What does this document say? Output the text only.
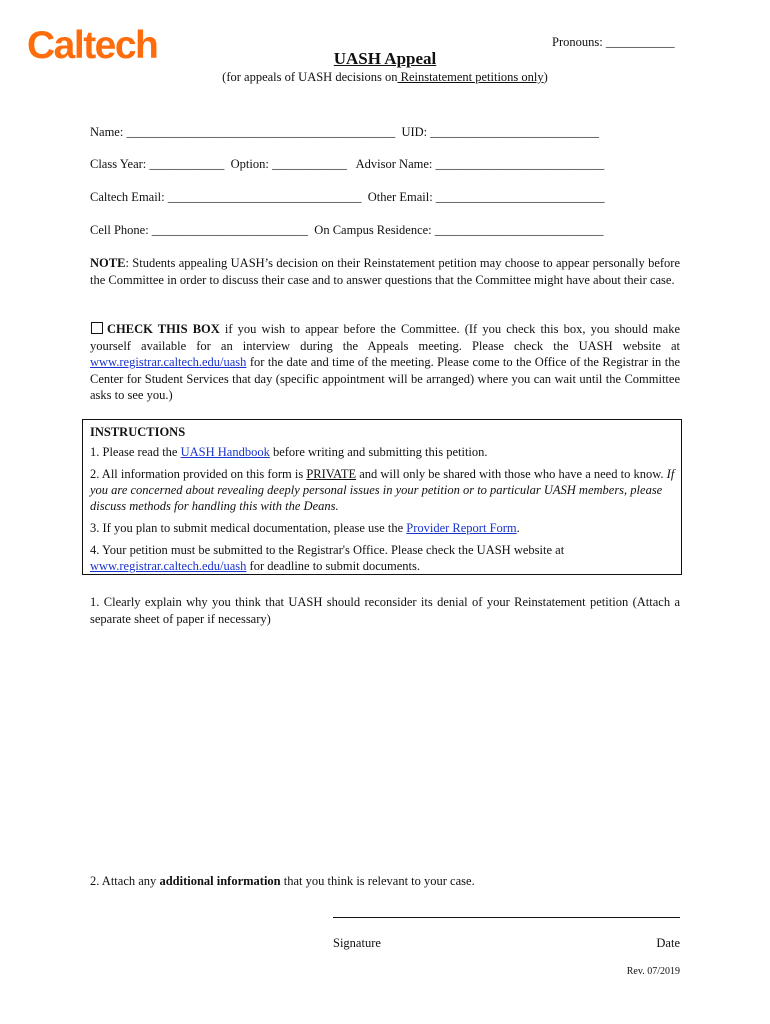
Caltech	Pronouns: ___________
UASH Appeal
(for appeals of UASH decisions on Reinstatement petitions only)
Name: ___________________________________________  UID: ___________________________
Class Year: ____________  Option: ____________   Advisor Name: ___________________________
Caltech Email: _______________________________  Other Email: ___________________________
Cell Phone: _________________________  On Campus Residence: ___________________________
NOTE: Students appealing UASH’s decision on their Reinstatement petition may choose to appear personally before the Committee in order to discuss their case and to answer questions that the Committee might have about their case.
CHECK THIS BOX if you wish to appear before the Committee. (If you check this box, you should make yourself available for an interview during the Appeals meeting. Please check the UASH website at www.registrar.caltech.edu/uash for the date and time of the meeting. Please come to the Office of the Registrar in the Center for Student Services that day (specific appointment will be arranged) where you can wait until the Committee asks to see you.)

INSTRUCTIONS

1. Please read the UASH Handbook before writing and submitting this petition.

2. All information provided on this form is PRIVATE and will only be shared with those who have a need to know. If you are concerned about revealing deeply personal issues in your petition or to particular UASH members, please discuss methods for handling this with the Deans.

3. If you plan to submit medical documentation, please use the Provider Report Form.

4. Your petition must be submitted to the Registrar's Office. Please check the UASH website at www.registrar.caltech.edu/uash for deadline to submit documents.

1. Clearly explain why you think that UASH should reconsider its denial of your Reinstatement petition (Attach a separate sheet of paper if necessary)
2. Attach any additional information that you think is relevant to your case.
Signature	Date
Rev. 07/2019
